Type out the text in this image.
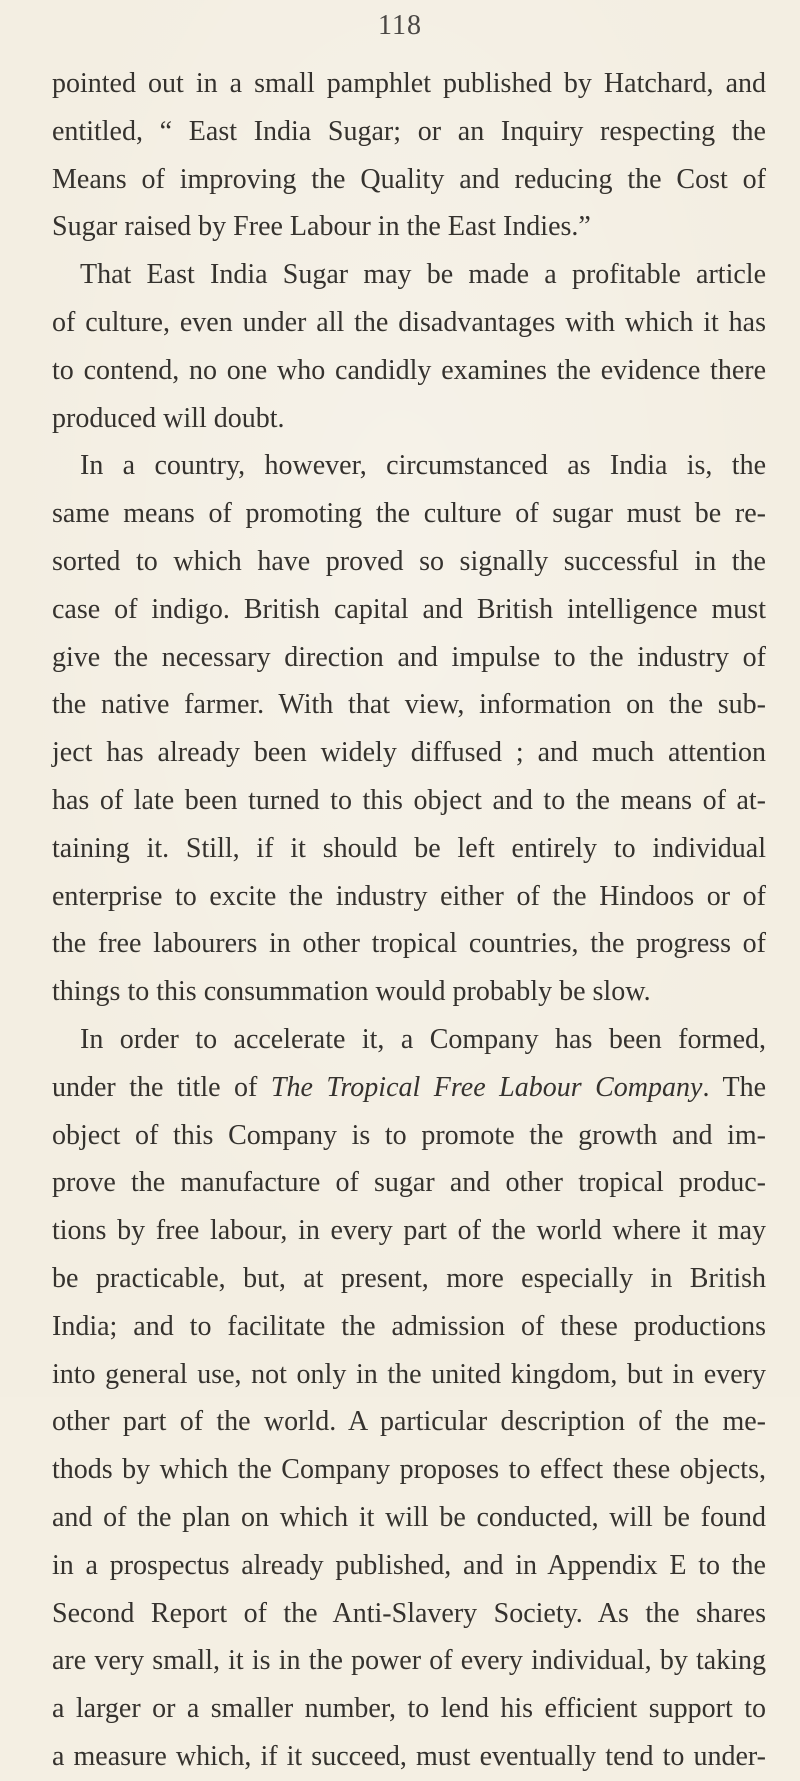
118
pointed out in a small pamphlet published by Hatchard, and
entitled, “ East India Sugar; or an Inquiry respecting the
Means of improving the Quality and reducing the Cost of
Sugar raised by Free Labour in the East Indies.”
That East India Sugar may be made a profitable article
of culture, even under all the disadvantages with which it has
to contend, no one who candidly examines the evidence there
produced will doubt.
In a country, however, circumstanced as India is, the
same means of promoting the culture of sugar must be re-
sorted to which have proved so signally successful in the
case of indigo. British capital and British intelligence must
give the necessary direction and impulse to the industry of
the native farmer. With that view, information on the sub-
ject has already been widely diffused ; and much attention
has of late been turned to this object and to the means of at-
taining it. Still, if it should be left entirely to individual
enterprise to excite the industry either of the Hindoos or of
the free labourers in other tropical countries, the progress of
things to this consummation would probably be slow.
In order to accelerate it, a Company has been formed,
under the title of The Tropical Free Labour Company. The
object of this Company is to promote the growth and im-
prove the manufacture of sugar and other tropical produc-
tions by free labour, in every part of the world where it may
be practicable, but, at present, more especially in British
India; and to facilitate the admission of these productions
into general use, not only in the united kingdom, but in every
other part of the world. A particular description of the me-
thods by which the Company proposes to effect these objects,
and of the plan on which it will be conducted, will be found
in a prospectus already published, and in Appendix E to the
Second Report of the Anti-Slavery Society. As the shares
are very small, it is in the power of every individual, by taking
a larger or a smaller number, to lend his efficient support to
a measure which, if it succeed, must eventually tend to under-
